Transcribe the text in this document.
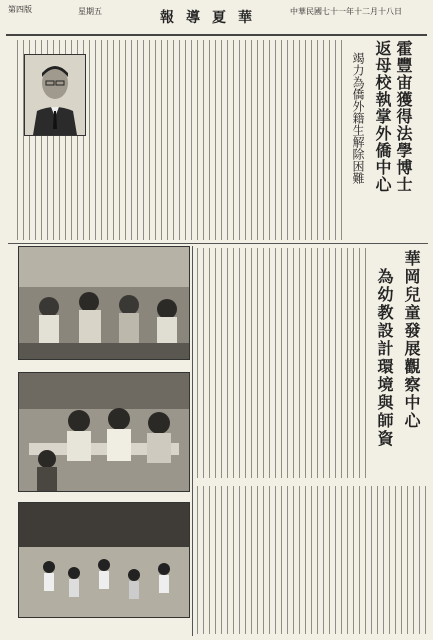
第四版	星期五	報 導 夏 華	中華民國七十一年十二月十八日
霍豐宙獲得法學博士
返母校執掌外僑中心
竭力為僑外籍生解除困難
華岡兒童發展觀察中心
為幼教設計環境與師資
